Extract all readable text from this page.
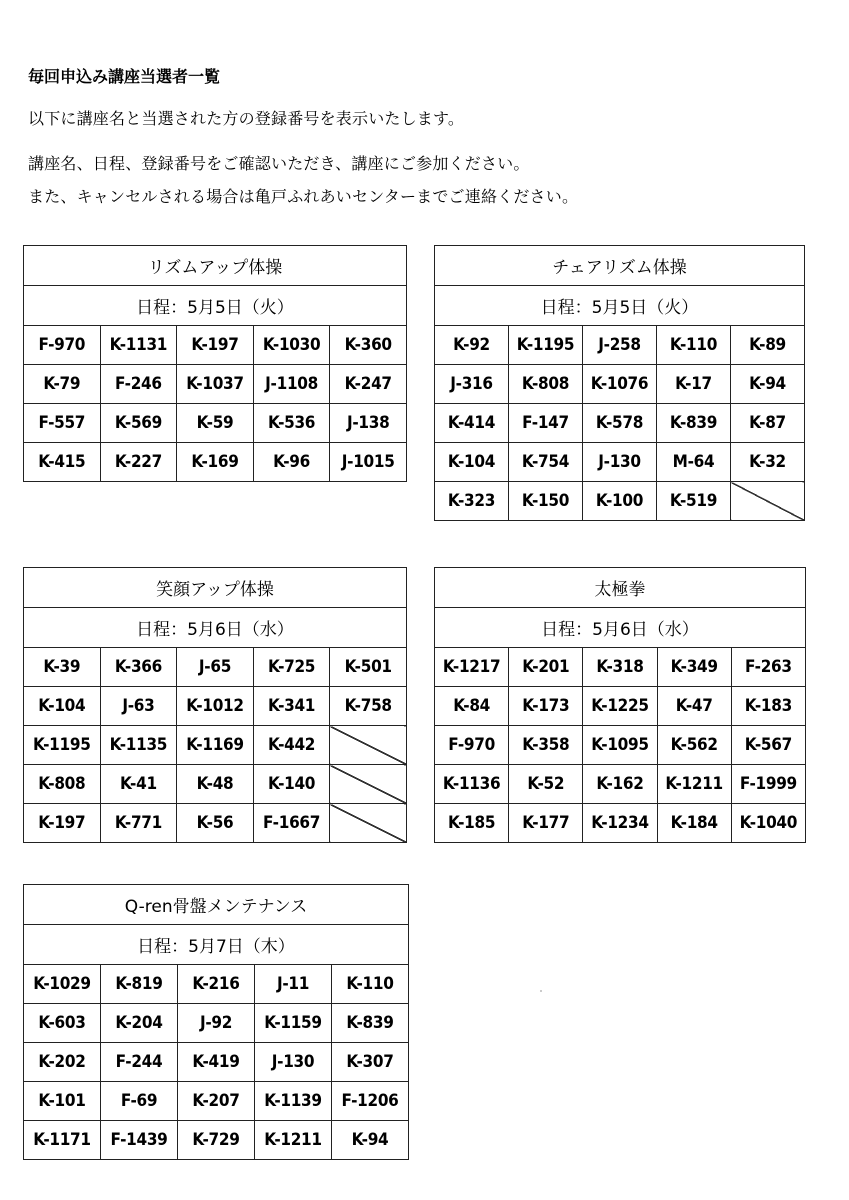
毎回申込み講座当選者一覧
以下に講座名と当選された方の登録番号を表示いたします。
講座名、日程、登録番号をご確認いただき、講座にご参加ください。
また、キャンセルされる場合は亀戸ふれあいセンターまでご連絡ください。
リズムアップ体操				
日程：5月5日（火）				
F-970	K-1131	K-197	K-1030	K-360
K-79	F-246	K-1037	J-1108	K-247
F-557	K-569	K-59	K-536	J-138
K-415	K-227	K-169	K-96	J-1015
チェアリズム体操				
日程：5月5日（火）				
K-92	K-1195	J-258	K-110	K-89
J-316	K-808	K-1076	K-17	K-94
K-414	F-147	K-578	K-839	K-87
K-104	K-754	J-130	M-64	K-32
K-323	K-150	K-100	K-519	
笑顔アップ体操				
日程：5月6日（水）				
K-39	K-366	J-65	K-725	K-501
K-104	J-63	K-1012	K-341	K-758
K-1195	K-1135	K-1169	K-442	
K-808	K-41	K-48	K-140	
K-197	K-771	K-56	F-1667	
太極拳				
日程：5月6日（水）				
K-1217	K-201	K-318	K-349	F-263
K-84	K-173	K-1225	K-47	K-183
F-970	K-358	K-1095	K-562	K-567
K-1136	K-52	K-162	K-1211	F-1999
K-185	K-177	K-1234	K-184	K-1040
Q-ren骨盤メンテナンス				
日程：5月7日（木）				
K-1029	K-819	K-216	J-11	K-110
K-603	K-204	J-92	K-1159	K-839
K-202	F-244	K-419	J-130	K-307
K-101	F-69	K-207	K-1139	F-1206
K-1171	F-1439	K-729	K-1211	K-94
